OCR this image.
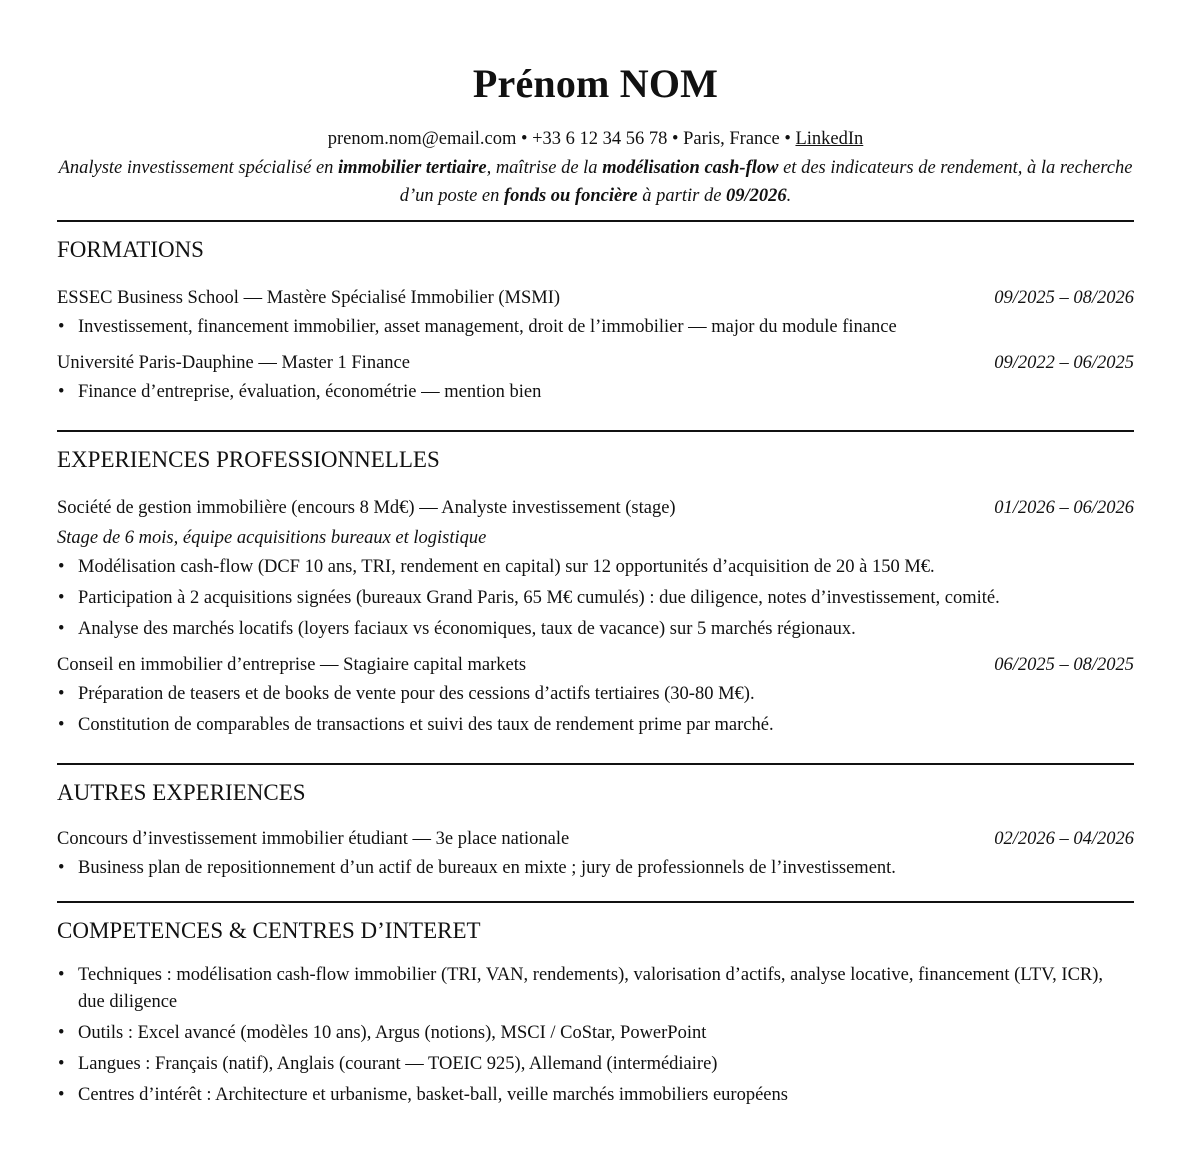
Prénom NOM
prenom.nom@email.com • +33 6 12 34 56 78 • Paris, France • LinkedIn
Analyste investissement spécialisé en immobilier tertiaire, maîtrise de la modélisation cash-flow et des indicateurs de rendement, à la recherche d’un poste en fonds ou foncière à partir de 09/2026.
FORMATIONS
ESSEC Business School — Mastère Spécialisé Immobilier (MSMI)	09/2025 – 08/2026
• Investissement, financement immobilier, asset management, droit de l’immobilier — major du module finance
Université Paris-Dauphine — Master 1 Finance	09/2022 – 06/2025
• Finance d’entreprise, évaluation, économétrie — mention bien
EXPERIENCES PROFESSIONNELLES
Société de gestion immobilière (encours 8 Md€) — Analyste investissement (stage)	01/2026 – 06/2026
Stage de 6 mois, équipe acquisitions bureaux et logistique
• Modélisation cash-flow (DCF 10 ans, TRI, rendement en capital) sur 12 opportunités d’acquisition de 20 à 150 M€.
• Participation à 2 acquisitions signées (bureaux Grand Paris, 65 M€ cumulés) : due diligence, notes d’investissement, comité.
• Analyse des marchés locatifs (loyers faciaux vs économiques, taux de vacance) sur 5 marchés régionaux.
Conseil en immobilier d’entreprise — Stagiaire capital markets	06/2025 – 08/2025
• Préparation de teasers et de books de vente pour des cessions d’actifs tertiaires (30-80 M€).
• Constitution de comparables de transactions et suivi des taux de rendement prime par marché.
AUTRES EXPERIENCES
Concours d’investissement immobilier étudiant — 3e place nationale	02/2026 – 04/2026
• Business plan de repositionnement d’un actif de bureaux en mixte ; jury de professionnels de l’investissement.
COMPETENCES & CENTRES D’INTERET
• Techniques : modélisation cash-flow immobilier (TRI, VAN, rendements), valorisation d’actifs, analyse locative, financement (LTV, ICR), due diligence
• Outils : Excel avancé (modèles 10 ans), Argus (notions), MSCI / CoStar, PowerPoint
• Langues : Français (natif), Anglais (courant — TOEIC 925), Allemand (intermédiaire)
• Centres d’intérêt : Architecture et urbanisme, basket-ball, veille marchés immobiliers européens
